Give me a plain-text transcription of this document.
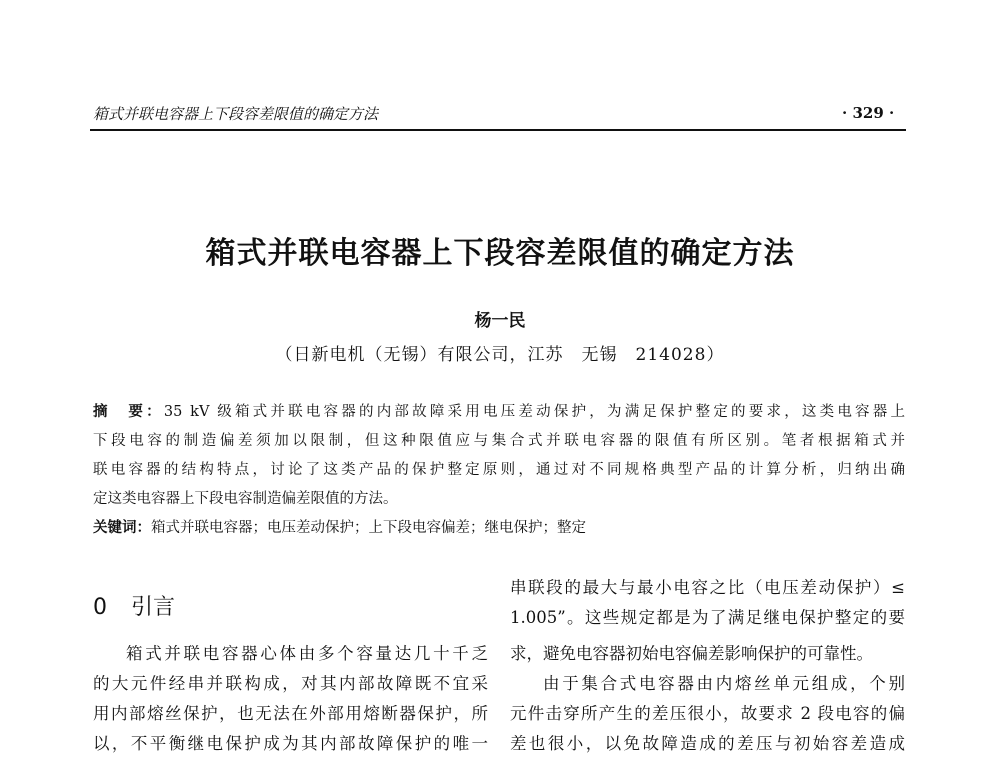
箱式并联电容器上下段容差限值的确定方法	· 329 ·
箱式并联电容器上下段容差限值的确定方法
杨一民
（日新电机（无锡）有限公司，江苏　无锡　214028）
摘　要：35 kV 级箱式并联电容器的内部故障采用电压差动保护，为满足保护整定的要求，这类电容器上
下段电容的制造偏差须加以限制，但这种限值应与集合式并联电容器的限值有所区别。笔者根据箱式并
联电容器的结构特点，讨论了这类产品的保护整定原则，通过对不同规格典型产品的计算分析，归纳出确
定这类电容器上下段电容制造偏差限值的方法。
关键词：箱式并联电容器；电压差动保护；上下段电容偏差；继电保护；整定
0 引言
箱式并联电容器心体由多个容量达几十千乏
的大元件经串并联构成，对其内部故障既不宜采
用内部熔丝保护，也无法在外部用熔断器保护，所
以，不平衡继电保护成为其内部故障保护的唯一
串联段的最大与最小电容之比（电压差动保护）≤
1.005”。这些规定都是为了满足继电保护整定的要
求，避免电容器初始电容偏差影响保护的可靠性。
由于集合式电容器由内熔丝单元组成，个别
元件击穿所产生的差压很小，故要求 2 段电容的偏
差也很小，以免故障造成的差压与初始容差造成
